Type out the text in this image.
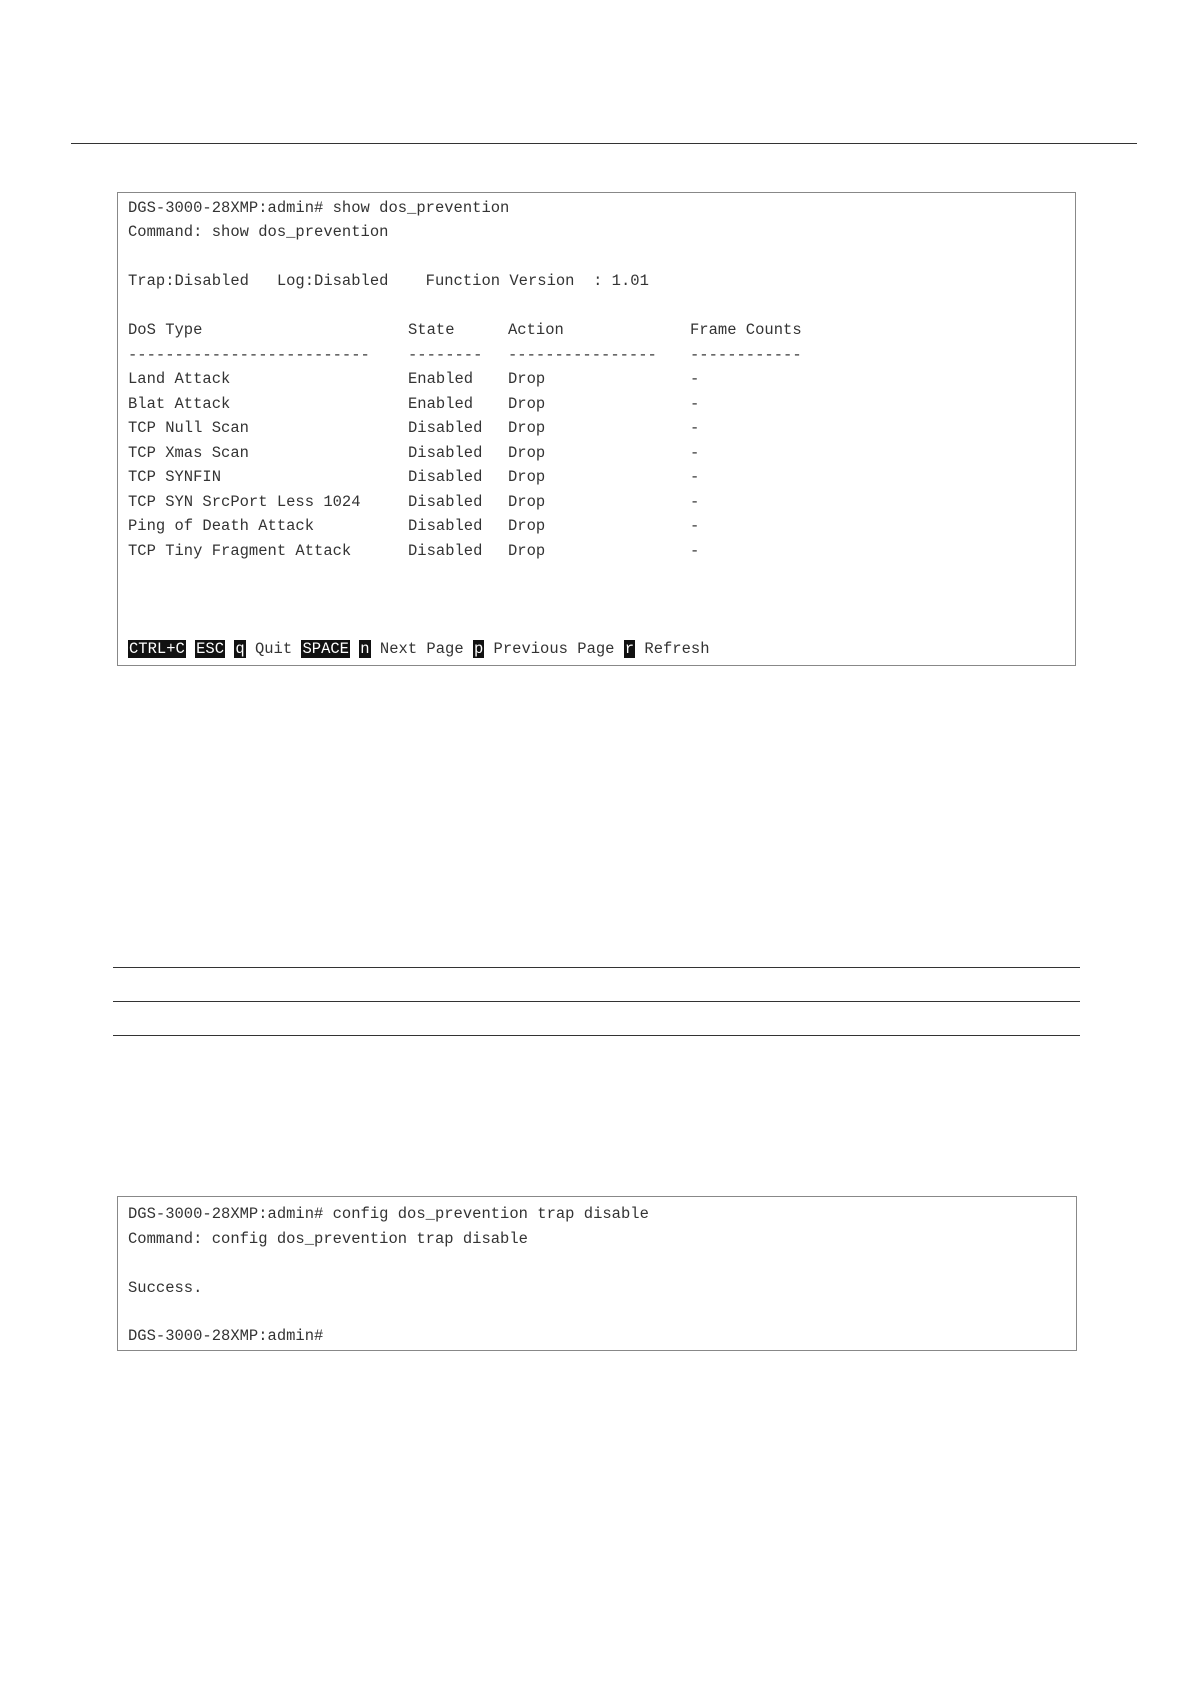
DGS-3000-28XMP:admin# show dos_prevention
Command: show dos_prevention
Trap:Disabled   Log:Disabled    Function Version  : 1.01
DoS Type	State	Action	Frame Counts
-------------------------- -------- ---------------- ------------
Land Attack	Enabled Drop	-
Blat Attack	Enabled Drop	-
TCP Null Scan	Disabled Drop	-
TCP Xmas Scan	Disabled Drop	-
TCP SYNFIN	Disabled Drop	-
TCP SYN SrcPort Less 1024	Disabled Drop	-
Ping of Death Attack	Disabled Drop	-
TCP Tiny Fragment Attack	Disabled Drop	-
CTRL+C ESC q Quit SPACE n Next Page p Previous Page r Refresh
DGS-3000-28XMP:admin# config dos_prevention trap disable
Command: config dos_prevention trap disable
Success.
DGS-3000-28XMP:admin#
